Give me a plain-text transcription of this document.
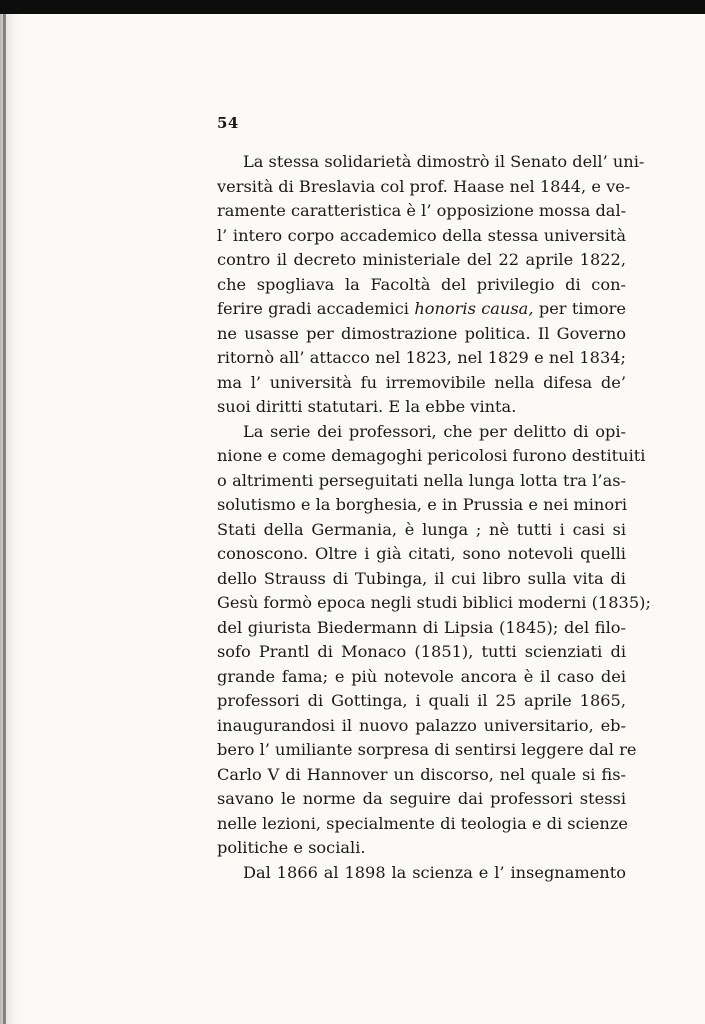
54
La stessa solidarietà dimostrò il Senato dell’ uni-
versità di Breslavia col prof. Haase nel 1844, e ve-
ramente caratteristica è l’ opposizione mossa dal-
l’ intero corpo accademico della stessa università
contro il decreto ministeriale del 22 aprile 1822,
che spogliava la Facoltà del privilegio di con-
ferire gradi accademici honoris causa, per timore
ne usasse per dimostrazione politica. Il Governo
ritornò all’ attacco nel 1823, nel 1829 e nel 1834;
ma l’ università fu irremovibile nella difesa de’
suoi diritti statutari. E la ebbe vinta.
La serie dei professori, che per delitto di opi-
nione e come demagoghi pericolosi furono destituiti
o altrimenti perseguitati nella lunga lotta tra l’as-
solutismo e la borghesia, e in Prussia e nei minori
Stati della Germania, è lunga ; nè tutti i casi si
conoscono. Oltre i già citati, sono notevoli quelli
dello Strauss di Tubinga, il cui libro sulla vita di
Gesù formò epoca negli studi biblici moderni (1835);
del giurista Biedermann di Lipsia (1845); del filo-
sofo Prantl di Monaco (1851), tutti scienziati di
grande fama; e più notevole ancora è il caso dei
professori di Gottinga, i quali il 25 aprile 1865,
inaugurandosi il nuovo palazzo universitario, eb-
bero l’ umiliante sorpresa di sentirsi leggere dal re
Carlo V di Hannover un discorso, nel quale si fis-
savano le norme da seguire dai professori stessi
nelle lezioni, specialmente di teologia e di scienze
politiche e sociali.
Dal 1866 al 1898 la scienza e l’ insegnamento
